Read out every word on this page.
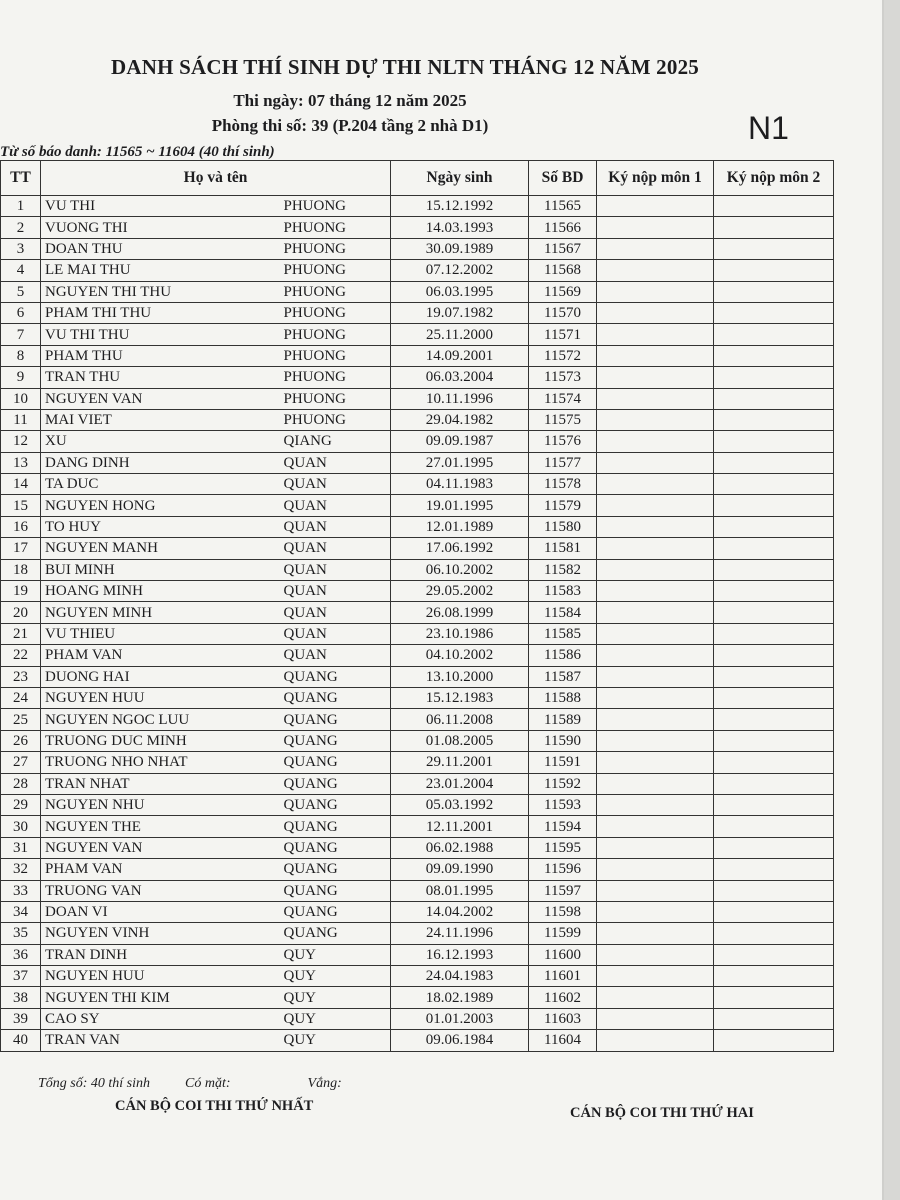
DANH SÁCH THÍ SINH DỰ THI NLTN THÁNG 12 NĂM 2025
Thi ngày: 07 tháng 12 năm 2025
Phòng thi số: 39 (P.204 tầng 2 nhà D1)	N1
Từ số báo danh: 11565 ~ 11604 (40 thí sinh)
TT	Họ và tên		Ngày sinh	Số BD	Ký nộp môn 1	Ký nộp môn 2
1	VU THI	PHUONG	15.12.1992	11565		
2	VUONG THI	PHUONG	14.03.1993	11566		
3	DOAN THU	PHUONG	30.09.1989	11567		
4	LE MAI THU	PHUONG	07.12.2002	11568		
5	NGUYEN THI THU	PHUONG	06.03.1995	11569		
6	PHAM THI THU	PHUONG	19.07.1982	11570		
7	VU THI THU	PHUONG	25.11.2000	11571		
8	PHAM THU	PHUONG	14.09.2001	11572		
9	TRAN THU	PHUONG	06.03.2004	11573		
10	NGUYEN VAN	PHUONG	10.11.1996	11574		
11	MAI VIET	PHUONG	29.04.1982	11575		
12	XU	QIANG	09.09.1987	11576		
13	DANG DINH	QUAN	27.01.1995	11577		
14	TA DUC	QUAN	04.11.1983	11578		
15	NGUYEN HONG	QUAN	19.01.1995	11579		
16	TO HUY	QUAN	12.01.1989	11580		
17	NGUYEN MANH	QUAN	17.06.1992	11581		
18	BUI MINH	QUAN	06.10.2002	11582		
19	HOANG MINH	QUAN	29.05.2002	11583		
20	NGUYEN MINH	QUAN	26.08.1999	11584		
21	VU THIEU	QUAN	23.10.1986	11585		
22	PHAM VAN	QUAN	04.10.2002	11586		
23	DUONG HAI	QUANG	13.10.2000	11587		
24	NGUYEN HUU	QUANG	15.12.1983	11588		
25	NGUYEN NGOC LUU	QUANG	06.11.2008	11589		
26	TRUONG DUC MINH	QUANG	01.08.2005	11590		
27	TRUONG NHO NHAT	QUANG	29.11.2001	11591		
28	TRAN NHAT	QUANG	23.01.2004	11592		
29	NGUYEN NHU	QUANG	05.03.1992	11593		
30	NGUYEN THE	QUANG	12.11.2001	11594		
31	NGUYEN VAN	QUANG	06.02.1988	11595		
32	PHAM VAN	QUANG	09.09.1990	11596		
33	TRUONG VAN	QUANG	08.01.1995	11597		
34	DOAN VI	QUANG	14.04.2002	11598		
35	NGUYEN VINH	QUANG	24.11.1996	11599		
36	TRAN DINH	QUY	16.12.1993	11600		
37	NGUYEN HUU	QUY	24.04.1983	11601		
38	NGUYEN THI KIM	QUY	18.02.1989	11602		
39	CAO SY	QUY	01.01.2003	11603		
40	TRAN VAN	QUY	09.06.1984	11604		
Tổng số: 40 thí sinh	Có mặt:	Vắng:
CÁN BỘ COI THI THỨ NHẤT	CÁN BỘ COI THI THỨ HAI
